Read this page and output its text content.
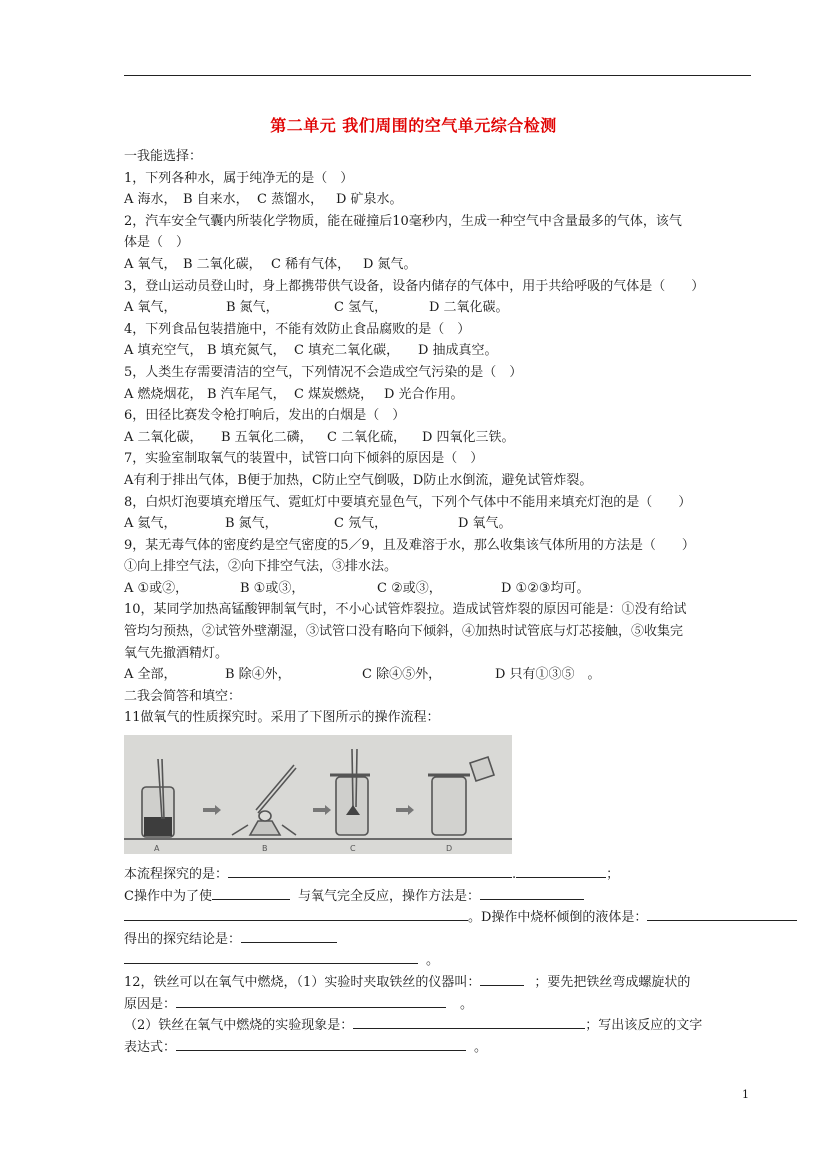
第二单元 我们周围的空气单元综合检测
一我能选择：
1，下列各种水，属于纯净无的是（　）
A 海水， B 自来水， C 蒸馏水， D 矿泉水。
2，汽车安全气囊内所装化学物质，能在碰撞后10毫秒内，生成一种空气中含量最多的气体，该气
体是（　）
A 氧气， B 二氧化碳， C 稀有气体， D 氮气。
3，登山运动员登山时，身上都携带供气设备，设备内储存的气体中，用于共给呼吸的气体是（　　）
A 氧气，	B 氮气，	C 氢气，	D 二氧化碳。
4，下列食品包装措施中，不能有效防止食品腐败的是（　）
A 填充空气， B 填充氮气， C 填充二氧化碳，	D 抽成真空。
5，人类生存需要清洁的空气，下列情况不会造成空气污染的是（　）
A 燃烧烟花， B 汽车尾气， C 煤炭燃烧， D 光合作用。
6，田径比赛发令枪打响后，发出的白烟是（　）
A 二氧化碳，	B 五氧化二磷，	C 二氧化硫，	D 四氧化三铁。
7，实验室制取氧气的装置中，试管口向下倾斜的原因是（　）
A有利于排出气体， B便于加热， C防止空气倒吸， D防止水倒流，避免试管炸裂。
8，白炽灯泡要填充增压气、霓虹灯中要填充显色气，下列个气体中不能用来填充灯泡的是（　　）
A 氦气，	B 氮气，	C 氖气，	D 氧气。
9，某无毒气体的密度约是空气密度的5／9，且及难溶于水，那么收集该气体所用的方法是（　　）
①向上排空气法，②向下排空气法，③排水法。
A ①或②，	B ①或③，	C ②或③，	D ①②③均可。
10，某同学加热高锰酸钾制氧气时，不小心试管炸裂拉。造成试管炸裂的原因可能是：①没有给试
管均匀预热，②试管外壁潮湿，③试管口没有略向下倾斜，④加热时试管底与灯芯接触，⑤收集完
氧气先撤酒精灯。
A 全部，	B 除④外，	C 除④⑤外，	D 只有①③⑤　。
二我会简答和填空：
11做氧气的性质探究时。采用了下图所示的操作流程：
A	B	C	D
本流程探究的是：	.	；
C操作中为了使	与氧气完全反应，操作方法是：
。D操作中烧杯倾倒的液体是：
得出的探究结论是：
。
12，铁丝可以在氧气中燃烧，（1）实验时夹取铁丝的仪器叫：	；要先把铁丝弯成螺旋状的
原因是：	。
（2）铁丝在氧气中燃烧的实验现象是：	；写出该反应的文字
表达式：	。
1
